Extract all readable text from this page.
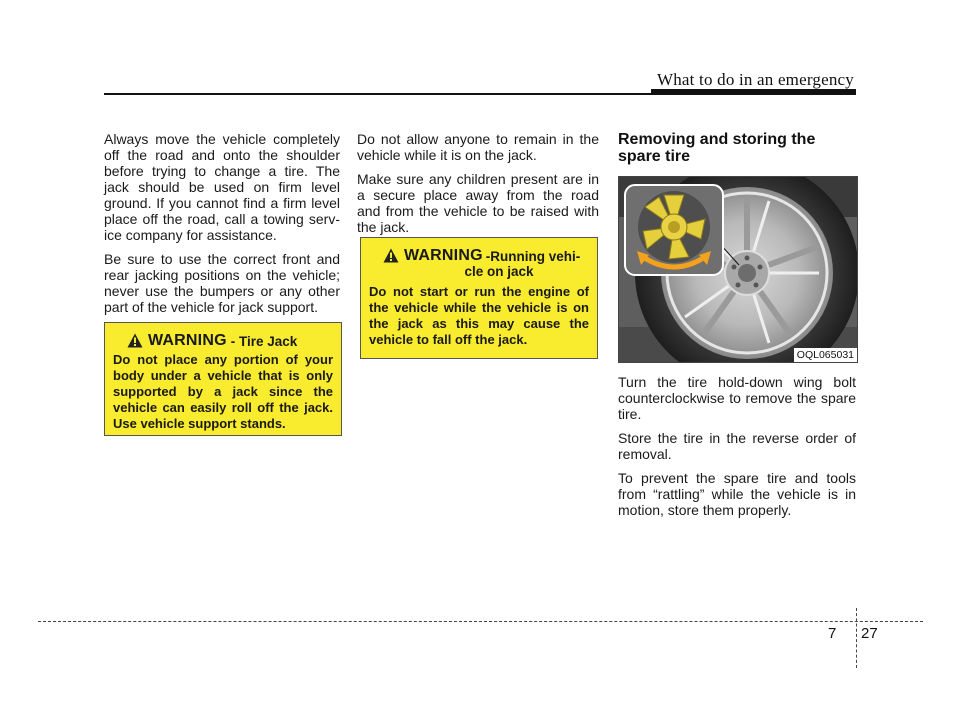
What to do in an emergency

Always move the vehicle completely off the road and onto the shoulder before trying to change a tire. The jack should be used on firm level ground. If you cannot find a firm level place off the road, call a towing serv-ice company for assistance.

Be sure to use the correct front and rear jacking positions on the vehicle; never use the bumpers or any other part of the vehicle for jack support.

WARNING - Tire Jack
Do not place any portion of your body under a vehicle that is only supported by a jack since the vehicle can easily roll off the jack. Use vehicle support stands.

Do not allow anyone to remain in the vehicle while it is on the jack.

Make sure any children present are in a secure place away from the road and from the vehicle to be raised with the jack.

WARNING -Running vehi-
cle on jack
Do not start or run the engine of the vehicle while the vehicle is on the jack as this may cause the vehicle to fall off the jack.
Removing and storing the spare tire
OQL065031

Turn the tire hold-down wing bolt counterclockwise to remove the spare tire.

Store the tire in the reverse order of removal.

To prevent the spare tire and tools from “rattling” while the vehicle is in motion, store them properly.

7 27
